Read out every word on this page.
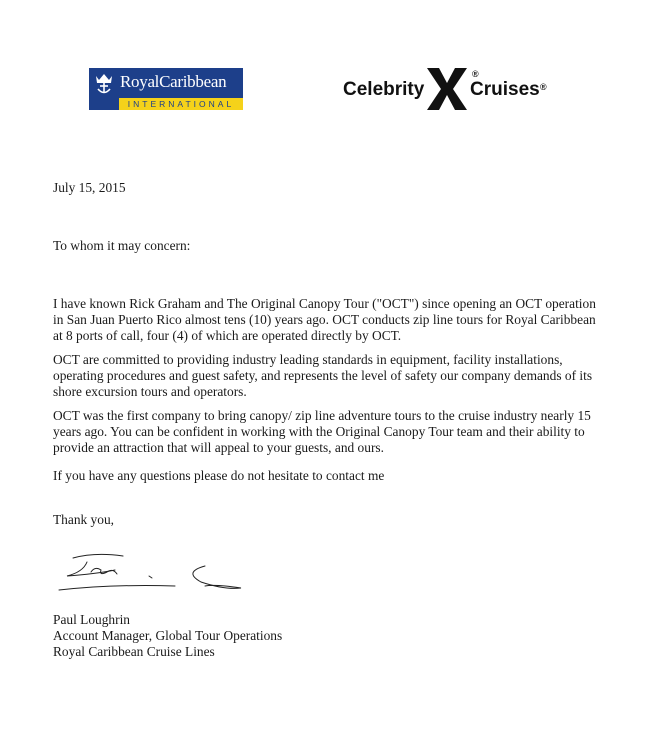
RoyalCaribbean
INTERNATIONAL
Celebrity
®
Cruises ®

July 15, 2015

To whom it may concern:

I have known Rick Graham and The Original Canopy Tour ("OCT") since opening an OCT operation
in San Juan Puerto Rico almost tens (10) years ago. OCT conducts zip line tours for Royal Caribbean
at 8 ports of call, four (4) of which are operated directly by OCT.
OCT are committed to providing industry leading standards in equipment, facility installations,
operating procedures and guest safety, and represents the level of safety our company demands of its
shore excursion tours and operators.
OCT was the first company to bring canopy/ zip line adventure tours to the cruise industry nearly 15
years ago. You can be confident in working with the Original Canopy Tour team and their ability to
provide an attraction that will appeal to your guests, and ours.

If you have any questions please do not hesitate to contact me

Thank you,

Paul Loughrin

Account Manager, Global Tour Operations

Royal Caribbean Cruise Lines
